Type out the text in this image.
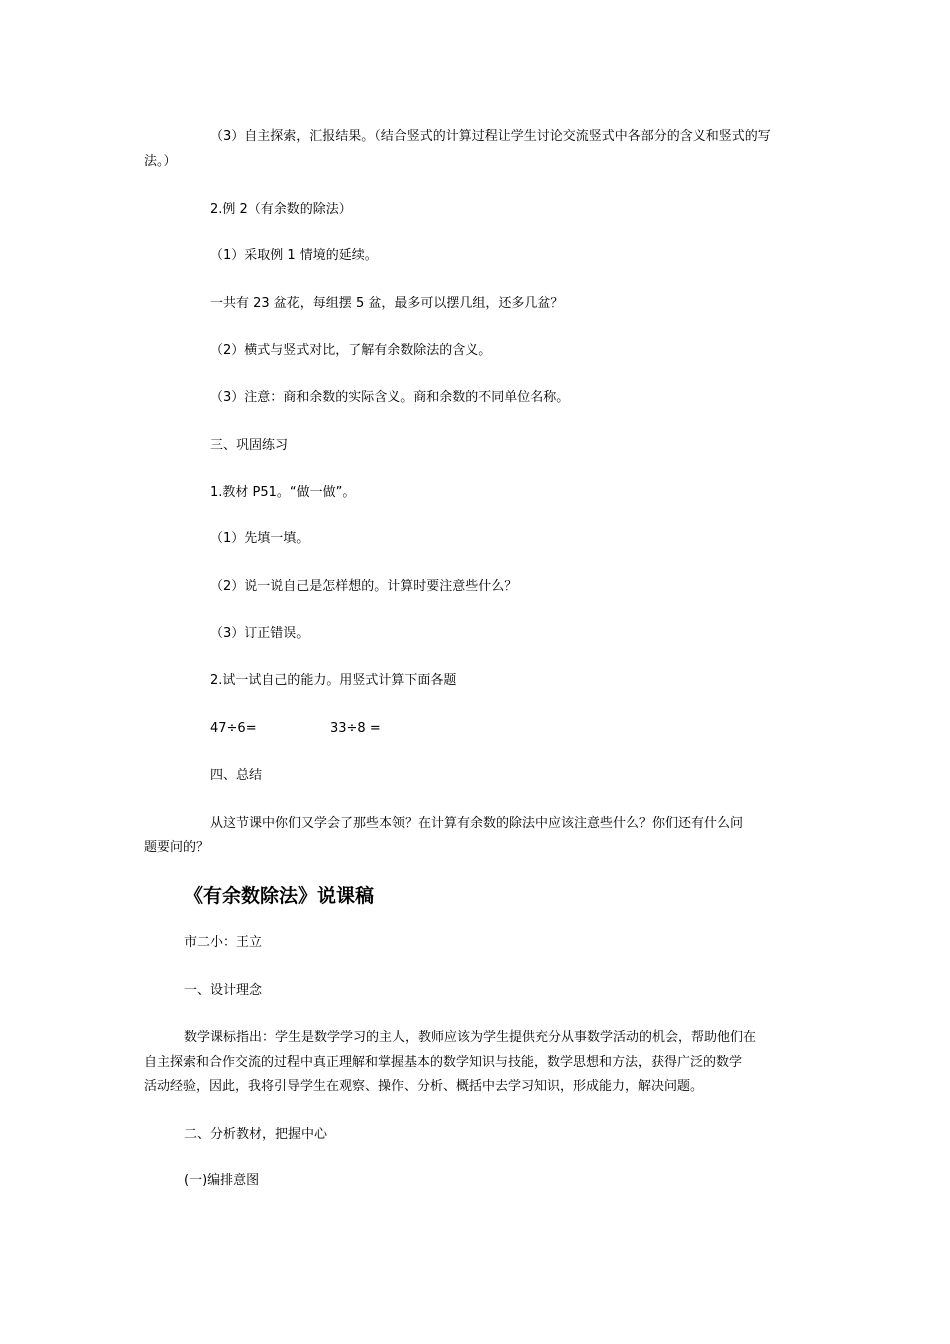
（3）自主探索，汇报结果。（结合竖式的计算过程让学生讨论交流竖式中各部分的含义和竖式的写
法。）
2.例 2（有余数的除法）
（1）采取例 1 情境的延续。
一共有 23 盆花，每组摆 5 盆，最多可以摆几组，还多几盆？
（2）横式与竖式对比，了解有余数除法的含义。
（3）注意：商和余数的实际含义。商和余数的不同单位名称。
三、巩固练习
1.教材 P51。“做一做”。
（1）先填一填。
（2）说一说自己是怎样想的。计算时要注意些什么？
（3）订正错误。
2.试一试自己的能力。用竖式计算下面各题
47÷6=	33÷8 =
四、总结
从这节课中你们又学会了那些本领？在计算有余数的除法中应该注意些什么？你们还有什么问
题要问的？
《有余数除法》说课稿
市二小：王立
一、设计理念
数学课标指出：学生是数学学习的主人，教师应该为学生提供充分从事数学活动的机会，帮助他们在
自主探索和合作交流的过程中真正理解和掌握基本的数学知识与技能，数学思想和方法，获得广泛的数学
活动经验，因此，我将引导学生在观察、操作、分析、概括中去学习知识，形成能力，解决问题。
二、分析教材，把握中心
(一)编排意图
